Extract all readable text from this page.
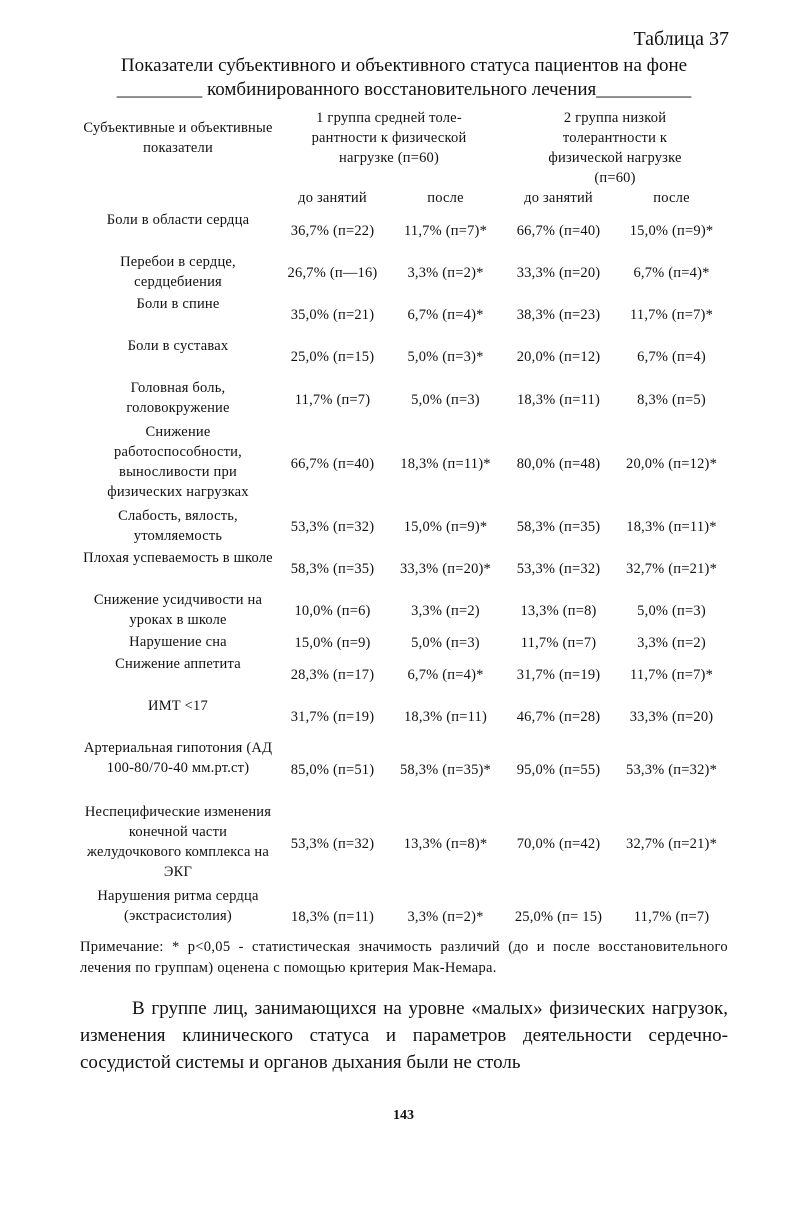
Таблица 37
Показатели субъективного и объективного статуса пациентов на фоне
_________ комбинированного восстановительного лечения__________
Субъективные и объективные показатели	1 группа средней толе-рантности к физической нагрузке (п=60)		2 группа низкой толерантности к физической нагрузке (п=60)	
	до занятий	после	до занятий	после
Боли в области сердца	36,7% (п=22)	11,7% (п=7)*	66,7% (п=40)	15,0% (п=9)*
Перебои в сердце, сердцебиения	26,7% (п—16)	3,3% (п=2)*	33,3% (п=20)	6,7% (п=4)*
Боли в спине	35,0% (п=21)	6,7% (п=4)*	38,3% (п=23)	11,7% (п=7)*
Боли в суставах	25,0% (п=15)	5,0% (п=3)*	20,0% (п=12)	6,7% (п=4)
Головная боль, головокружение	11,7% (п=7)	5,0% (п=3)	18,3% (п=11)	8,3% (п=5)
Снижение работоспособности, выносливости при физических нагрузках	66,7% (п=40)	18,3% (п=11)*	80,0% (п=48)	20,0% (п=12)*
Слабость, вялость, утомляемость	53,3% (п=32)	15,0% (п=9)*	58,3% (п=35)	18,3% (п=11)*
Плохая успеваемость в школе	58,3% (п=35)	33,3% (п=20)*	53,3% (п=32)	32,7% (п=21)*
Снижение усидчивости на уроках в школе	10,0% (п=6)	3,3% (п=2)	13,3% (п=8)	5,0% (п=3)
Нарушение сна	15,0% (п=9)	5,0% (п=3)	11,7% (п=7)	3,3% (п=2)
Снижение аппетита	28,3% (п=17)	6,7% (п=4)*	31,7% (п=19)	11,7% (п=7)*
ИМТ <17	31,7% (п=19)	18,3% (п=11)	46,7% (п=28)	33,3% (п=20)
Артериальная гипотония (АД 100-80/70-40 мм.рт.ст)	85,0% (п=51)	58,3% (п=35)*	95,0% (п=55)	53,3% (п=32)*
Неспецифические изменения конечной части желудочкового комплекса на ЭКГ	53,3% (п=32)	13,3% (п=8)*	70,0% (п=42)	32,7% (п=21)*
Нарушения ритма сердца (экстрасистолия)	18,3% (п=11)	3,3% (п=2)*	25,0% (п= 15)	11,7% (п=7)
Примечание: * р<0,05 - статистическая значимость различий (до и после восстановительного лечения по группам) оценена с помощью критерия Мак-Немара.
В группе лиц, занимающихся на уровне «малых» физических нагрузок, изменения клинического статуса и параметров деятельности сердечно-сосудистой системы и органов дыхания были не столь
143
